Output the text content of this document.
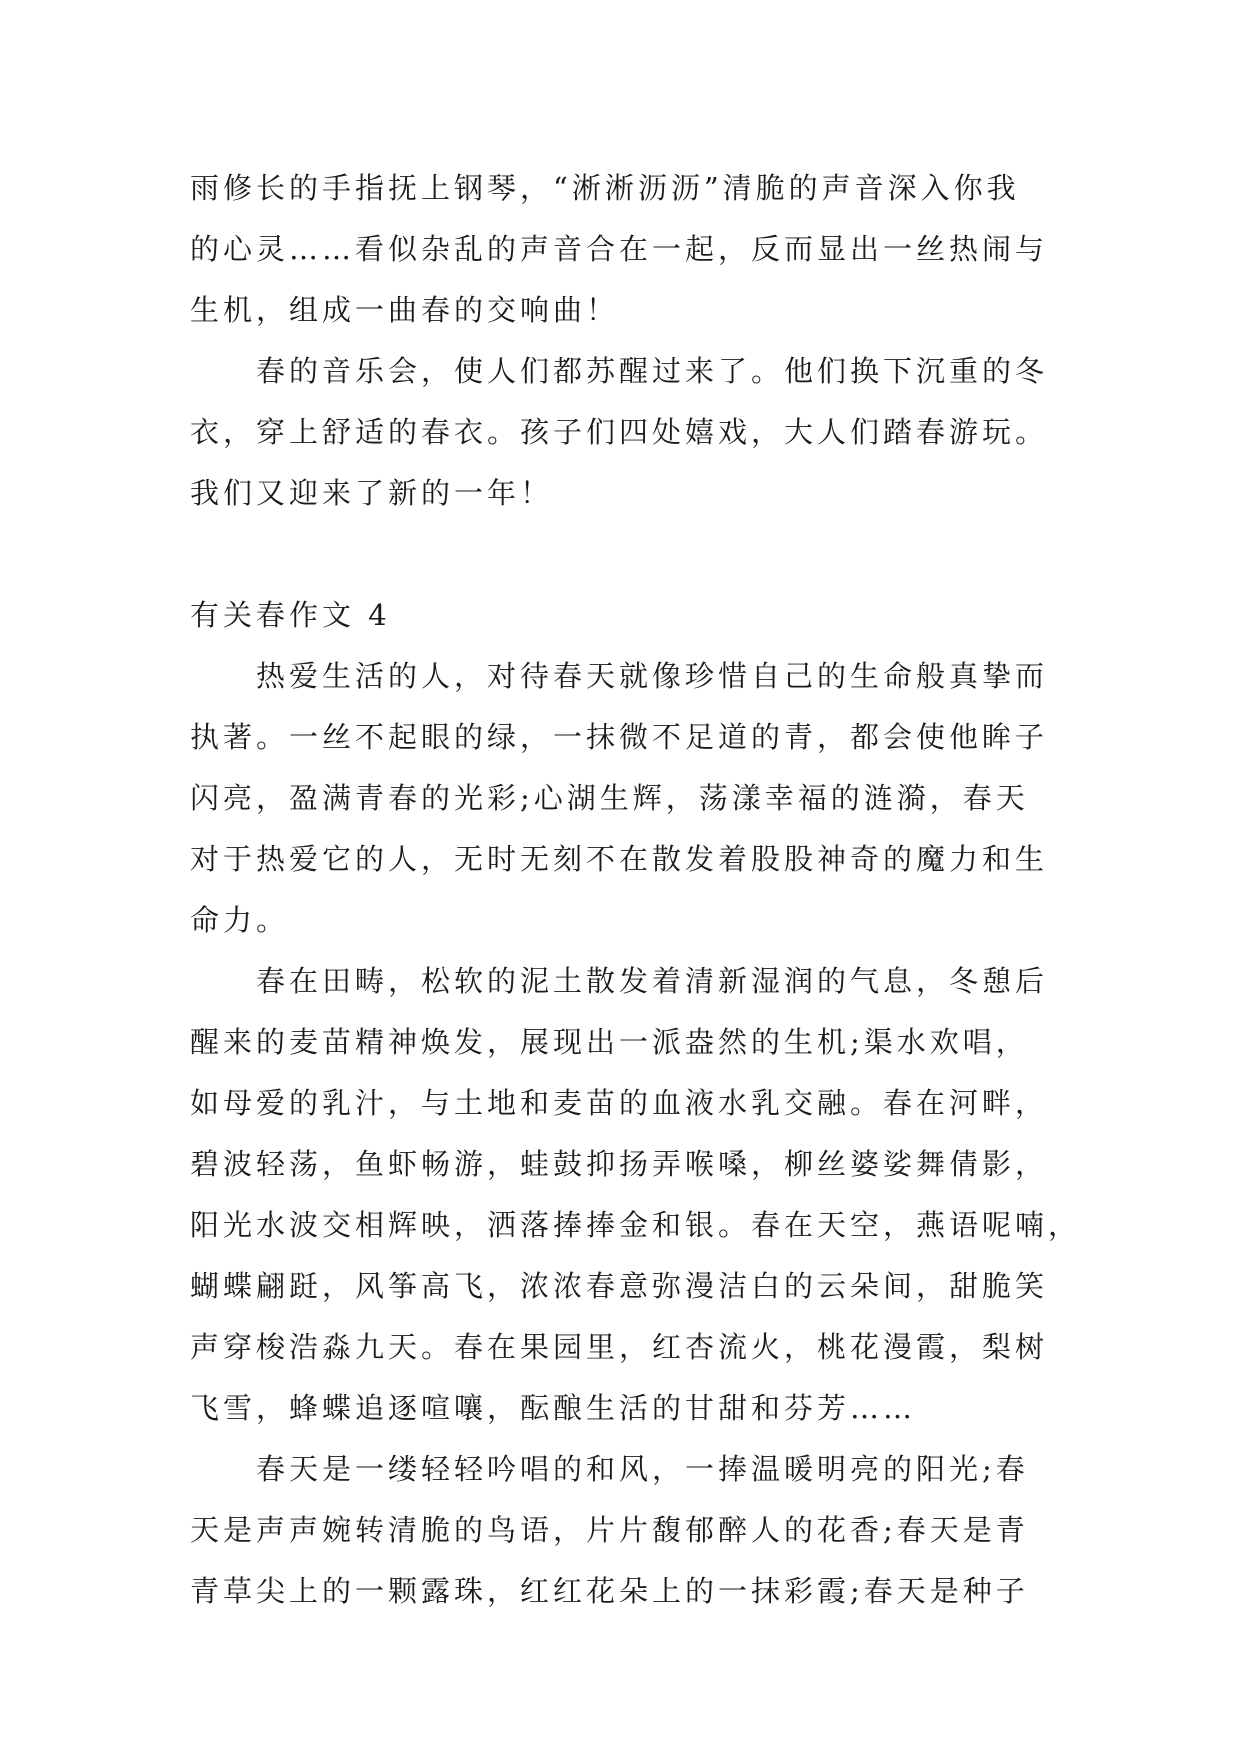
雨修长的手指抚上钢琴，“淅淅沥沥”清脆的声音深入你我
的心灵……看似杂乱的声音合在一起，反而显出一丝热闹与
生机，组成一曲春的交响曲！
春的音乐会，使人们都苏醒过来了。他们换下沉重的冬
衣，穿上舒适的春衣。孩子们四处嬉戏，大人们踏春游玩。
我们又迎来了新的一年！
有关春作文 4
热爱生活的人，对待春天就像珍惜自己的生命般真挚而
执著。一丝不起眼的绿，一抹微不足道的青，都会使他眸子
闪亮，盈满青春的光彩;心湖生辉，荡漾幸福的涟漪，春天
对于热爱它的人，无时无刻不在散发着股股神奇的魔力和生
命力。
春在田畴，松软的泥土散发着清新湿润的气息，冬憩后
醒来的麦苗精神焕发，展现出一派盎然的生机;渠水欢唱，
如母爱的乳汁，与土地和麦苗的血液水乳交融。春在河畔，
碧波轻荡，鱼虾畅游，蛙鼓抑扬弄喉嗓，柳丝婆娑舞倩影，
阳光水波交相辉映，洒落捧捧金和银。春在天空，燕语呢喃，
蝴蝶翩跹，风筝高飞，浓浓春意弥漫洁白的云朵间，甜脆笑
声穿梭浩淼九天。春在果园里，红杏流火，桃花漫霞，梨树
飞雪，蜂蝶追逐喧嚷，酝酿生活的甘甜和芬芳……
春天是一缕轻轻吟唱的和风，一捧温暖明亮的阳光;春
天是声声婉转清脆的鸟语，片片馥郁醉人的花香;春天是青
青草尖上的一颗露珠，红红花朵上的一抹彩霞;春天是种子
